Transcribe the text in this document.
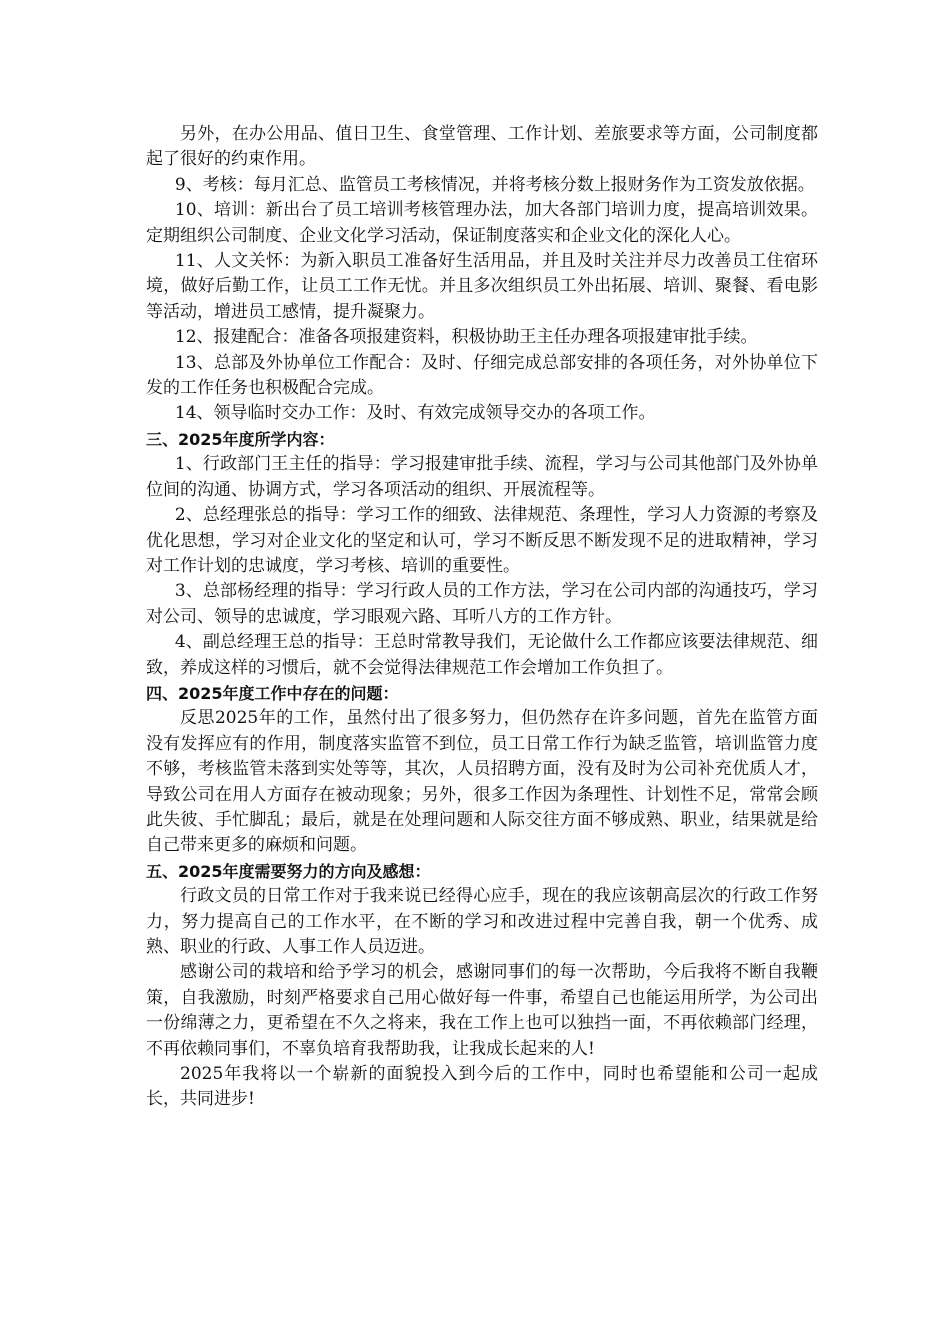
另外，在办公用品、值日卫生、食堂管理、工作计划、差旅要求等方面，公司制度都起了很好的约束作用。

9、考核：每月汇总、监管员工考核情况，并将考核分数上报财务作为工资发放依据。

10、培训：新出台了员工培训考核管理办法，加大各部门培训力度，提高培训效果。定期组织公司制度、企业文化学习活动，保证制度落实和企业文化的深化人心。

11、人文关怀：为新入职员工准备好生活用品，并且及时关注并尽力改善员工住宿环境，做好后勤工作，让员工工作无忧。并且多次组织员工外出拓展、培训、聚餐、看电影等活动，增进员工感情，提升凝聚力。

12、报建配合：准备各项报建资料，积极协助王主任办理各项报建审批手续。

13、总部及外协单位工作配合：及时、仔细完成总部安排的各项任务，对外协单位下发的工作任务也积极配合完成。

14、领导临时交办工作：及时、有效完成领导交办的各项工作。

三、2025年度所学内容：

1、行政部门王主任的指导：学习报建审批手续、流程，学习与公司其他部门及外协单位间的沟通、协调方式，学习各项活动的组织、开展流程等。

2、总经理张总的指导：学习工作的细致、法律规范、条理性，学习人力资源的考察及优化思想，学习对企业文化的坚定和认可，学习不断反思不断发现不足的进取精神，学习对工作计划的忠诚度，学习考核、培训的重要性。

3、总部杨经理的指导：学习行政人员的工作方法，学习在公司内部的沟通技巧，学习对公司、领导的忠诚度，学习眼观六路、耳听八方的工作方针。

4、副总经理王总的指导：王总时常教导我们，无论做什么工作都应该要法律规范、细致，养成这样的习惯后，就不会觉得法律规范工作会增加工作负担了。

四、2025年度工作中存在的问题：

反思2025年的工作，虽然付出了很多努力，但仍然存在许多问题，首先在监管方面没有发挥应有的作用，制度落实监管不到位，员工日常工作行为缺乏监管，培训监管力度不够，考核监管未落到实处等等，其次，人员招聘方面，没有及时为公司补充优质人才，导致公司在用人方面存在被动现象；另外，很多工作因为条理性、计划性不足，常常会顾此失彼、手忙脚乱；最后，就是在处理问题和人际交往方面不够成熟、职业，结果就是给自己带来更多的麻烦和问题。

五、2025年度需要努力的方向及感想：

行政文员的日常工作对于我来说已经得心应手，现在的我应该朝高层次的行政工作努力，努力提高自己的工作水平，在不断的学习和改进过程中完善自我，朝一个优秀、成熟、职业的行政、人事工作人员迈进。

感谢公司的栽培和给予学习的机会，感谢同事们的每一次帮助，今后我将不断自我鞭策，自我激励，时刻严格要求自己用心做好每一件事，希望自己也能运用所学，为公司出一份绵薄之力，更希望在不久之将来，我在工作上也可以独挡一面，不再依赖部门经理，不再依赖同事们，不辜负培育我帮助我，让我成长起来的人!

2025年我将以一个崭新的面貌投入到今后的工作中，同时也希望能和公司一起成长，共同进步!
